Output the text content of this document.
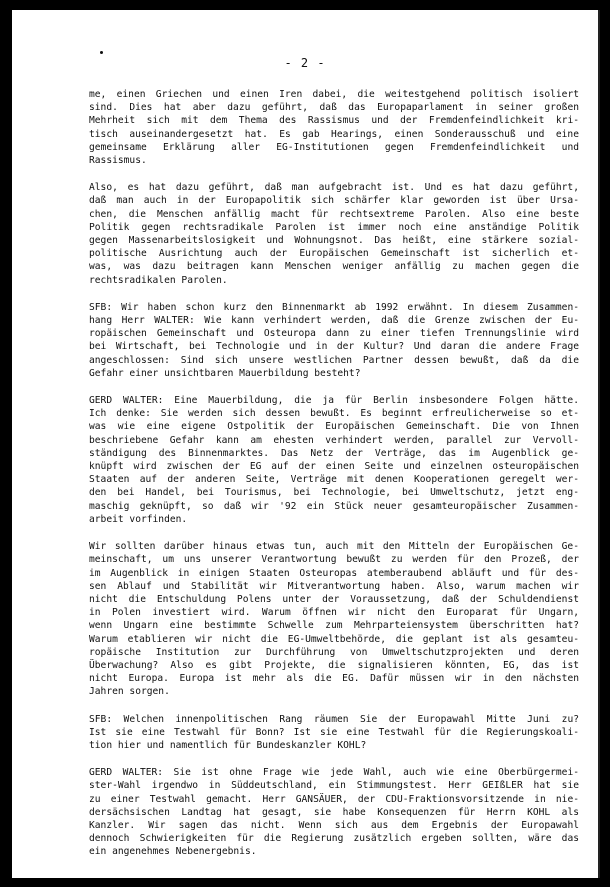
- 2 -
me, einen Griechen und einen Iren dabei, die weitestgehend politisch isoliert
sind. Dies hat aber dazu geführt, daß das Europaparlament in seiner großen
Mehrheit sich mit dem Thema des Rassismus und der Fremdenfeindlichkeit kri-
tisch auseinandergesetzt hat. Es gab Hearings, einen Sonderausschuß und eine
gemeinsame Erklärung aller EG-Institutionen gegen Fremdenfeindlichkeit und
Rassismus.
Also, es hat dazu geführt, daß man aufgebracht ist. Und es hat dazu geführt,
daß man auch in der Europapolitik sich schärfer klar geworden ist über Ursa-
chen, die Menschen anfällig macht für rechtsextreme Parolen. Also eine beste
Politik gegen rechtsradikale Parolen ist immer noch eine anständige Politik
gegen Massenarbeitslosigkeit und Wohnungsnot. Das heißt, eine stärkere sozial-
politische Ausrichtung auch der Europäischen Gemeinschaft ist sicherlich et-
was, was dazu beitragen kann Menschen weniger anfällig zu machen gegen die
rechtsradikalen Parolen.
SFB: Wir haben schon kurz den Binnenmarkt ab 1992 erwähnt. In diesem Zusammen-
hang Herr WALTER: Wie kann verhindert werden, daß die Grenze zwischen der Eu-
ropäischen Gemeinschaft und Osteuropa dann zu einer tiefen Trennungslinie wird
bei Wirtschaft, bei Technologie und in der Kultur? Und daran die andere Frage
angeschlossen: Sind sich unsere westlichen Partner dessen bewußt, daß da die
Gefahr einer unsichtbaren Mauerbildung besteht?
GERD WALTER: Eine Mauerbildung, die ja für Berlin insbesondere Folgen hätte.
Ich denke: Sie werden sich dessen bewußt. Es beginnt erfreulicherweise so et-
was wie eine eigene Ostpolitik der Europäischen Gemeinschaft. Die von Ihnen
beschriebene Gefahr kann am ehesten verhindert werden, parallel zur Vervoll-
ständigung des Binnenmarktes. Das Netz der Verträge, das im Augenblick ge-
knüpft wird zwischen der EG auf der einen Seite und einzelnen osteuropäischen
Staaten auf der anderen Seite, Verträge mit denen Kooperationen geregelt wer-
den bei Handel, bei Tourismus, bei Technologie, bei Umweltschutz, jetzt eng-
maschig geknüpft, so daß wir '92 ein Stück neuer gesamteuropäischer Zusammen-
arbeit vorfinden.
Wir sollten darüber hinaus etwas tun, auch mit den Mitteln der Europäischen Ge-
meinschaft, um uns unserer Verantwortung bewußt zu werden für den Prozeß, der
im Augenblick in einigen Staaten Osteuropas atemberaubend abläuft und für des-
sen Ablauf und Stabilität wir Mitverantwortung haben. Also, warum machen wir
nicht die Entschuldung Polens unter der Voraussetzung, daß der Schuldendienst
in Polen investiert wird. Warum öffnen wir nicht den Europarat für Ungarn,
wenn Ungarn eine bestimmte Schwelle zum Mehrparteiensystem überschritten hat?
Warum etablieren wir nicht die EG-Umweltbehörde, die geplant ist als gesamteu-
ropäische Institution zur Durchführung von Umweltschutzprojekten und deren
Überwachung? Also es gibt Projekte, die signalisieren könnten, EG, das ist
nicht Europa. Europa ist mehr als die EG. Dafür müssen wir in den nächsten
Jahren sorgen.
SFB: Welchen innenpolitischen Rang räumen Sie der Europawahl Mitte Juni zu?
Ist sie eine Testwahl für Bonn? Ist sie eine Testwahl für die Regierungskoali-
tion hier und namentlich für Bundeskanzler KOHL?
GERD WALTER: Sie ist ohne Frage wie jede Wahl, auch wie eine Oberbürgermei-
ster-Wahl irgendwo in Süddeutschland, ein Stimmungstest. Herr GEIßLER hat sie
zu einer Testwahl gemacht. Herr GANSÄUER, der CDU-Fraktionsvorsitzende in nie-
dersächsischen Landtag hat gesagt, sie habe Konsequenzen für Herrn KOHL als
Kanzler. Wir sagen das nicht. Wenn sich aus dem Ergebnis der Europawahl
dennoch Schwierigkeiten für die Regierung zusätzlich ergeben sollten, wäre das
ein angenehmes Nebenergebnis.
